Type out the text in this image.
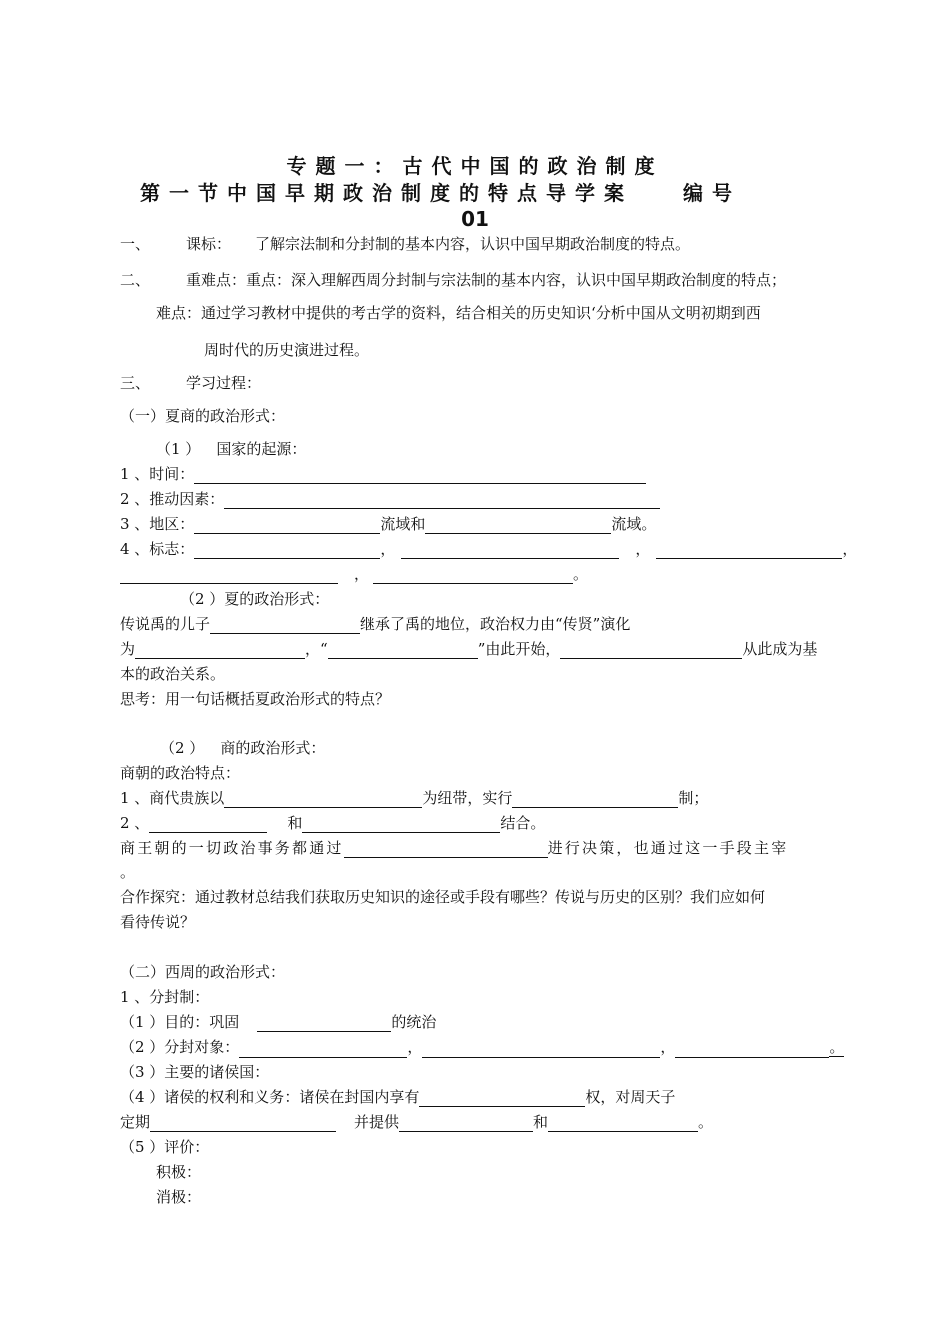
专题一：古代中国的政治制度
第一节中国早期政治制度的特点导学案	编号
01
一、 课标： 了解宗法制和分封制的基本内容，认识中国早期政治制度的特点。
二、 重难点：重点：深入理解西周分封制与宗法制的基本内容，认识中国早期政治制度的特点；
难点：通过学习教材中提供的考古学的资料，结合相关的历史知识‘分析中国从文明初期到西
周时代的历史演进过程。
三、 学习过程：
（一）夏商的政治形式：
（1 ） 国家的起源：
1 、时间：
2 、推动因素：
3 、地区：	流域和	流域。
4 、标志：	，	，	，
，	。
（2 ）夏的政治形式：
传说禹的儿子	继承了禹的地位，政治权力由“传贤”演化
为	，“	”由此开始，	从此成为基
本的政治关系。
思考：用一句话概括夏政治形式的特点？
（2 ） 商的政治形式：
商朝的政治特点：
1 、商代贵族以	为纽带，实行	制；
2 、	和	结合。
商王朝的一切政治事务都通过	进行决策，也通过这一手段主宰
。
合作探究：通过教材总结我们获取历史知识的途径或手段有哪些？传说与历史的区别？我们应如何
看待传说？
（二）西周的政治形式：
1 、分封制：
（1 ）目的：巩固	的统治
（2 ）分封对象：	，	，	。
（3 ）主要的诸侯国：
（4 ）诸侯的权利和义务：诸侯在封国内享有	权，对周天子
定期	并提供	和	。
（5 ）评价：
积极：
消极：
